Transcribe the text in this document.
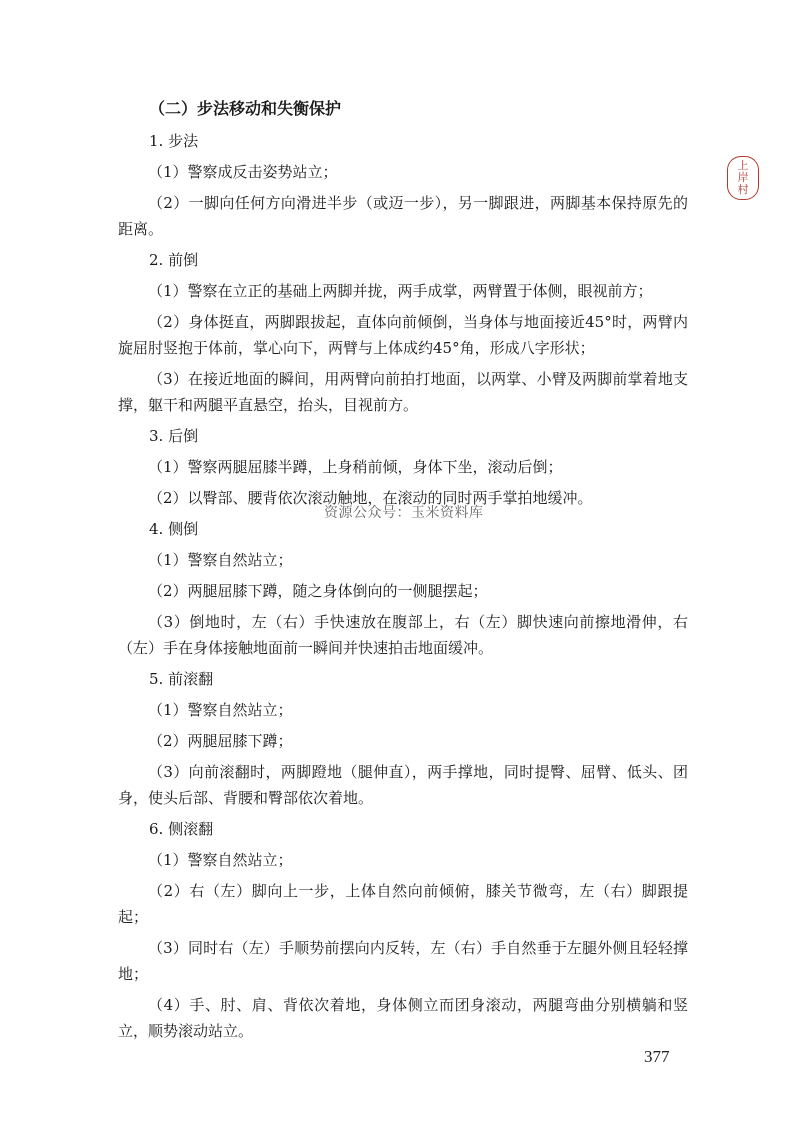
（二）步法移动和失衡保护
1. 步法

（1）警察成反击姿势站立；

（2）一脚向任何方向滑进半步（或迈一步），另一脚跟进，两脚基本保持原先的距离。

2. 前倒

（1）警察在立正的基础上两脚并拢，两手成掌，两臂置于体侧，眼视前方；

（2）身体挺直，两脚跟拔起，直体向前倾倒，当身体与地面接近45°时，两臂内旋屈肘竖抱于体前，掌心向下，两臂与上体成约45°角，形成八字形状；

（3）在接近地面的瞬间，用两臂向前拍打地面，以两掌、小臂及两脚前掌着地支撑，躯干和两腿平直悬空，抬头，目视前方。

3. 后倒

（1）警察两腿屈膝半蹲，上身稍前倾，身体下坐，滚动后倒；

（2）以臀部、腰背依次滚动触地，在滚动的同时两手掌拍地缓冲。

4. 侧倒

（1）警察自然站立；

（2）两腿屈膝下蹲，随之身体倒向的一侧腿摆起；

（3）倒地时，左（右）手快速放在腹部上，右（左）脚快速向前擦地滑伸，右（左）手在身体接触地面前一瞬间并快速拍击地面缓冲。

5. 前滚翻

（1）警察自然站立；

（2）两腿屈膝下蹲；

（3）向前滚翻时，两脚蹬地（腿伸直），两手撑地，同时提臀、屈臂、低头、团身，使头后部、背腰和臀部依次着地。

6. 侧滚翻

（1）警察自然站立；

（2）右（左）脚向上一步，上体自然向前倾俯，膝关节微弯，左（右）脚跟提起；

（3）同时右（左）手顺势前摆向内反转，左（右）手自然垂于左腿外侧且轻轻撑地；

（4）手、肘、肩、背依次着地，身体侧立而团身滚动，两腿弯曲分别横躺和竖立，顺势滚动站立。

资源公众号：玉米资料库
上
岸
村
377
